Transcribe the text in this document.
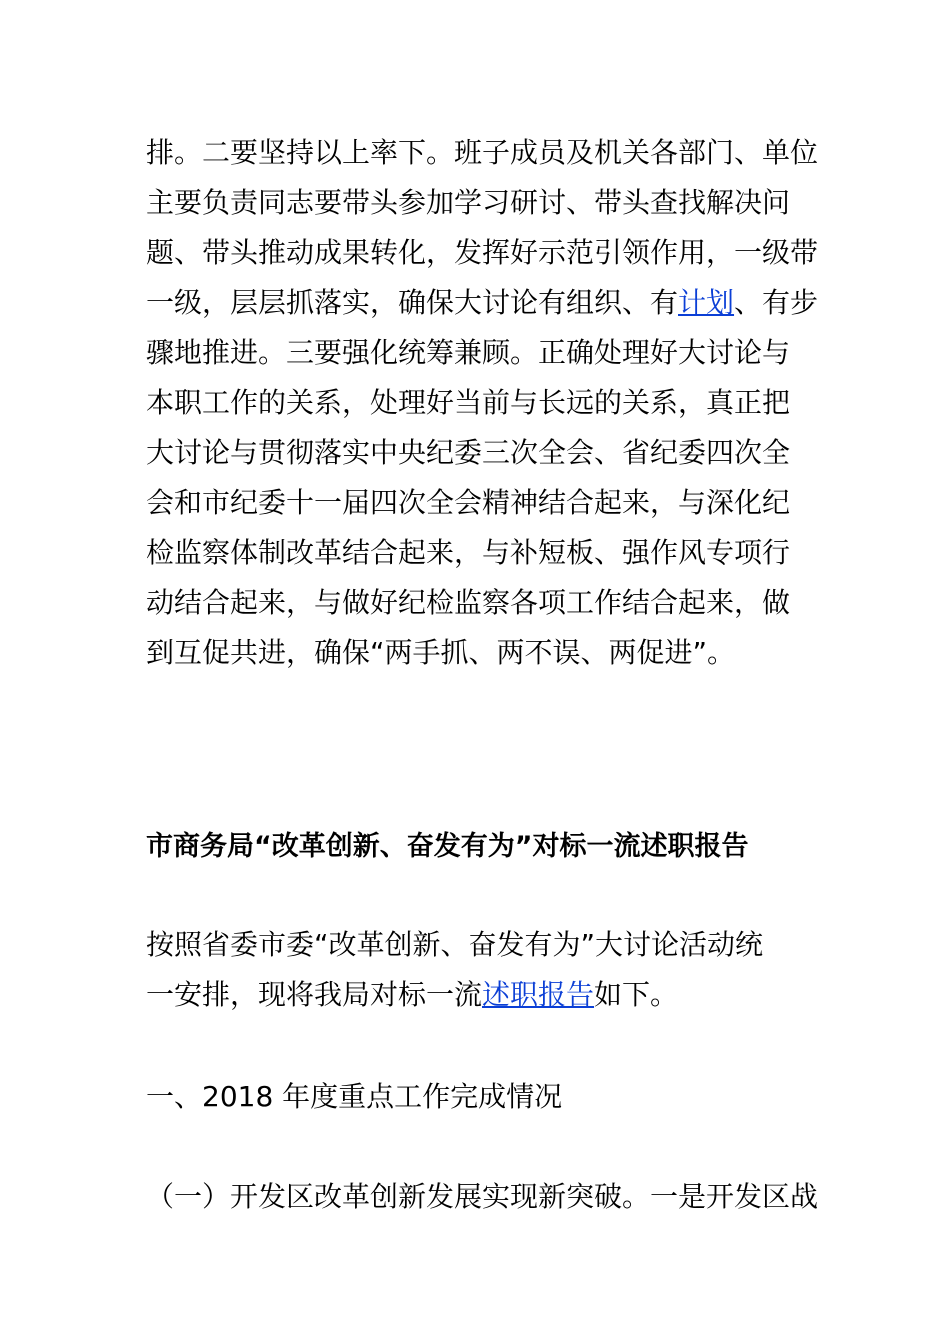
排。二要坚持以上率下。班子成员及机关各部门、单位
主要负责同志要带头参加学习研讨、带头查找解决问
题、带头推动成果转化，发挥好示范引领作用，一级带
一级，层层抓落实，确保大讨论有组织、有计划、有步
骤地推进。三要强化统筹兼顾。正确处理好大讨论与
本职工作的关系，处理好当前与长远的关系，真正把
大讨论与贯彻落实中央纪委三次全会、省纪委四次全
会和市纪委十一届四次全会精神结合起来，与深化纪
检监察体制改革结合起来，与补短板、强作风专项行
动结合起来，与做好纪检监察各项工作结合起来，做
到互促共进，确保“两手抓、两不误、两促进”。

市商务局“改革创新、奋发有为”对标一流述职报告

按照省委市委“改革创新、奋发有为”大讨论活动统
一安排，现将我局对标一流述职报告如下。

一、2018 年度重点工作完成情况

（一）开发区改革创新发展实现新突破。一是开发区战
